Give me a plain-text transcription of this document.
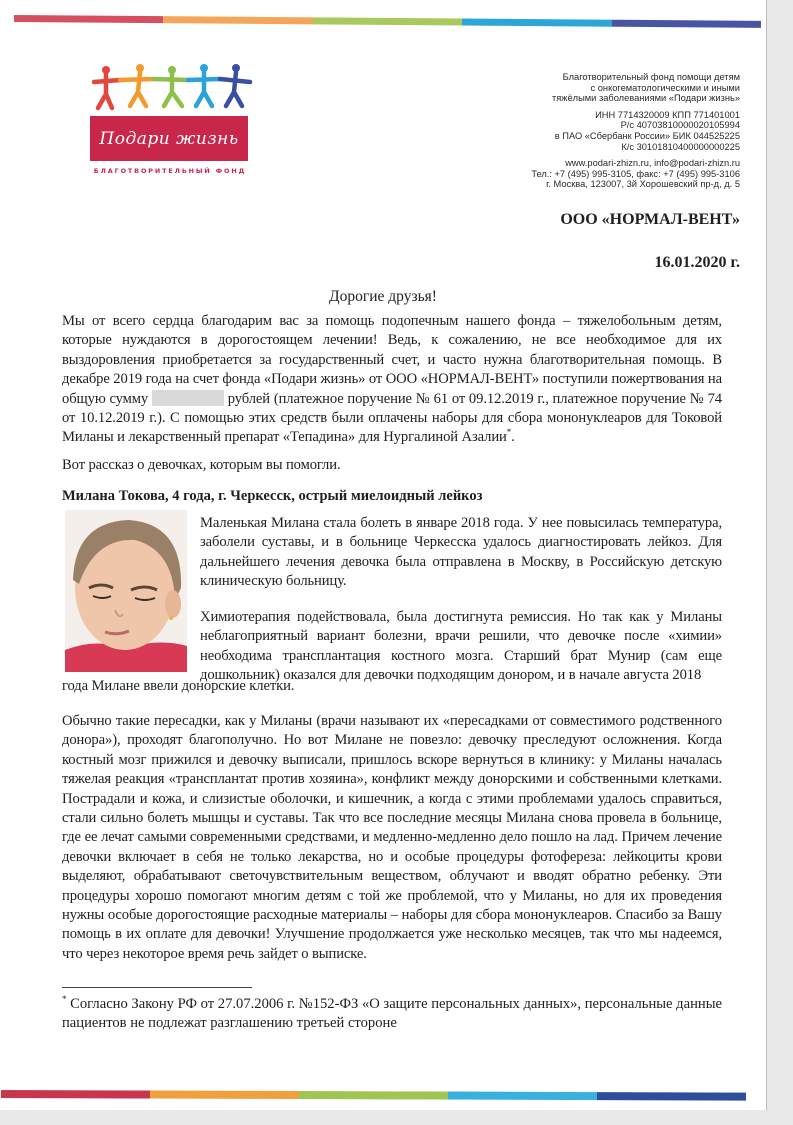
Подари жизнь
БЛАГОТВОРИТЕЛЬНЫЙ ФОНД
Благотворительный фонд помощи детям
с онкогематологическими и иными
тяжёлыми заболеваниями «Подари жизнь»
ИНН 7714320009 КПП 771401001
Р/с 40703810000020105994
в ПАО «Сбербанк России» БИК 044525225
К/с 30101810400000000225
www.podari-zhizn.ru, info@podari-zhizn.ru
Тел.: +7 (495) 995-3105, факс: +7 (495) 995-3106
г. Москва, 123007, 3й Хорошевский пр-д, д. 5
ООО «НОРМАЛ-ВЕНТ»
16.01.2020 г.
Дорогие друзья!
Мы от всего сердца благодарим вас за помощь подопечным нашего фонда – тяжелобольным детям, которые нуждаются в дорогостоящем лечении! Ведь, к сожалению, не все необходимое для их выздоровления приобретается за государственный счет, и часто нужна благотворительная помощь. В декабре 2019 года на счет фонда «Подари жизнь» от ООО «НОРМАЛ-ВЕНТ» поступили пожертвования на общую сумму	рублей (платежное поручение № 61 от 09.12.2019 г., платежное поручение № 74 от 10.12.2019 г.). С помощью этих средств были оплачены наборы для сбора мононуклеаров для Токовой Миланы и лекарственный препарат «Тепадина» для Нургалиной Азалии*.
Вот рассказ о девочках, которым вы помогли.
Милана Токова, 4 года, г. Черкесск, острый миелоидный лейкоз
Маленькая Милана стала болеть в январе 2018 года. У нее повысилась температура, заболели суставы, и в больнице Черкесска удалось диагностировать лейкоз. Для дальнейшего лечения девочка была отправлена в Москву, в Российскую детскую клиническую больницу.
Химиотерапия подействовала, была достигнута ремиссия. Но так как у Миланы неблагоприятный вариант болезни, врачи решили, что девочке после «химии» необходима трансплантация костного мозга. Старший брат Мунир (сам еще дошкольник) оказался для девочки подходящим донором, и в начале августа 2018
года Милане ввели донорские клетки.
Обычно такие пересадки, как у Миланы (врачи называют их «пересадками от совместимого родственного донора»), проходят благополучно. Но вот Милане не повезло: девочку преследуют осложнения. Когда костный мозг прижился и девочку выписали, пришлось вскоре вернуться в клинику: у Миланы началась тяжелая реакция «трансплантат против хозяина», конфликт между донорскими и собственными клетками. Пострадали и кожа, и слизистые оболочки, и кишечник, а когда с этими проблемами удалось справиться, стали сильно болеть мышцы и суставы. Так что все последние месяцы Милана снова провела в больнице, где ее лечат самыми современными средствами, и медленно-медленно дело пошло на лад. Причем лечение девочки включает в себя не только лекарства, но и особые процедуры фотофереза: лейкоциты крови выделяют, обрабатывают светочувствительным веществом, облучают и вводят обратно ребенку. Эти процедуры хорошо помогают многим детям с той же проблемой, что у Миланы, но для их проведения нужны особые дорогостоящие расходные материалы – наборы для сбора мононуклеаров. Спасибо за Вашу помощь в их оплате для девочки! Улучшение продолжается уже несколько месяцев, так что мы надеемся, что через некоторое время речь зайдет о выписке.
* Согласно Закону РФ от 27.07.2006 г. №152-ФЗ «О защите персональных данных», персональные данные пациентов не подлежат разглашению третьей стороне
